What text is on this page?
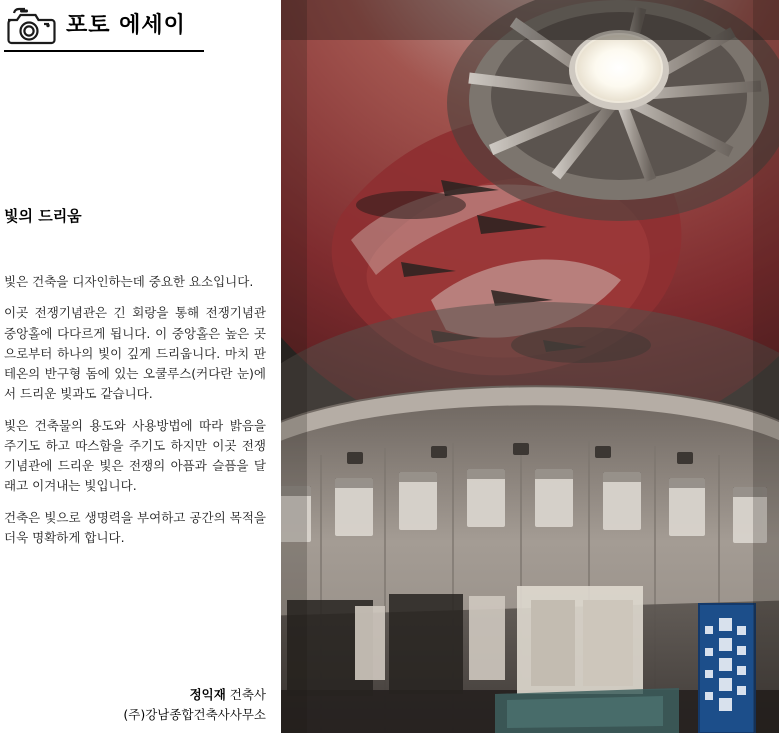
포토 에세이
빛의 드리움

빛은 건축을 디자인하는데 중요한 요소입니다.

이곳 전쟁기념관은 긴 회랑을 통해 전쟁기념관 중앙홀에 다다르게 됩니다. 이 중앙홀은 높은 곳으로부터 하나의 빛이 깊게 드리웁니다. 마치 판테온의 반구형 돔에 있는 오쿨루스(커다란 눈)에서 드리운 빛과도 같습니다.

빛은 건축물의 용도와 사용방법에 따라 밝음을 주기도 하고 따스함을 주기도 하지만 이곳 전쟁기념관에 드리운 빛은 전쟁의 아픔과 슬픔을 달래고 이겨내는 빛입니다.

건축은 빛으로 생명력을 부여하고 공간의 목적을 더욱 명확하게 합니다.

정익재 건축사
(주)강남종합건축사사무소
